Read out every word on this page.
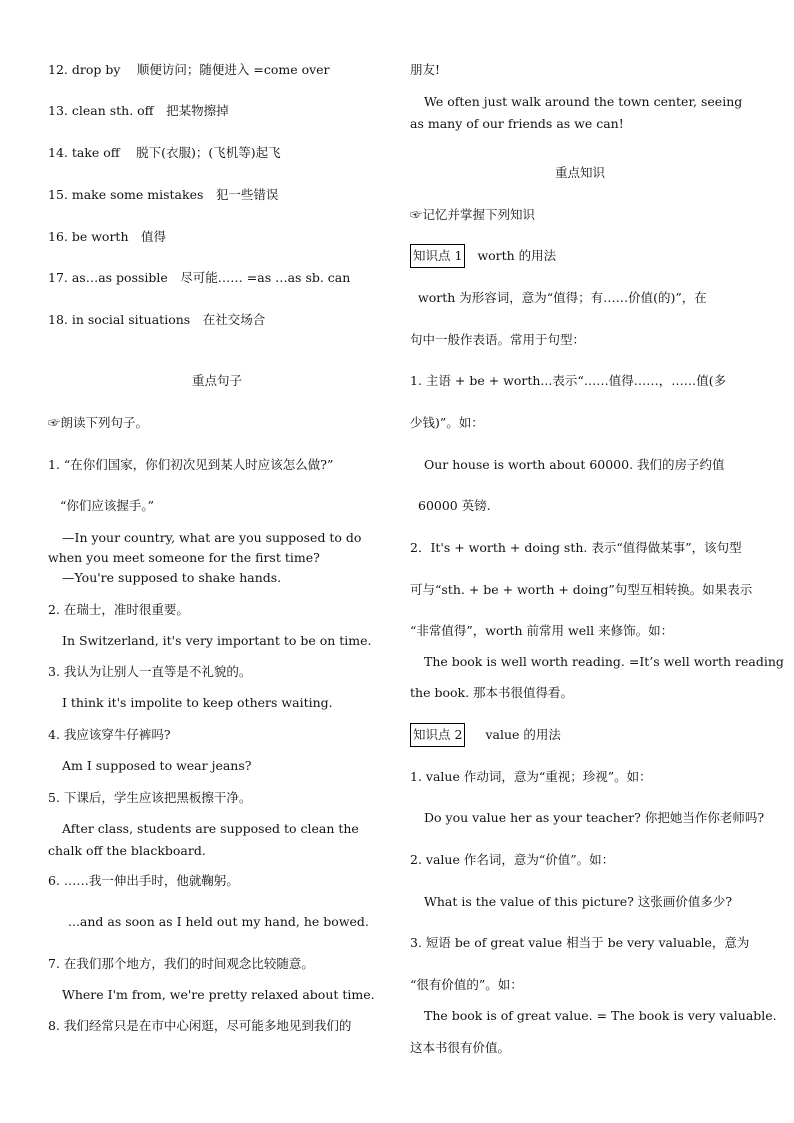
12. drop by　 顺便访问；随便进入 =come over
13. clean sth. off　把某物擦掉
14. take off　 脱下(衣服)；(飞机等)起飞
15. make some mistakes　犯一些错误
16. be worth　值得
17. as…as possible　尽可能…… =as …as sb. can
18. in social situations　在社交场合
重点句子
☞朗读下列句子。
1. “在你们国家，你们初次见到某人时应该怎么做?”
“你们应该握手。”
—In your country, what are you supposed to do when you meet someone for the first time?
—You're supposed to shake hands.
2. 在瑞士，准时很重要。
In Switzerland, it's very important to be on time.
3. 我认为让别人一直等是不礼貌的。
I think it's impolite to keep others waiting.
4. 我应该穿牛仔裤吗?
Am I supposed to wear jeans?
5. 下课后，学生应该把黑板擦干净。
After class, students are supposed to clean the chalk off the blackboard.
6. ……我一伸出手时，他就鞠躬。
...and as soon as I held out my hand, he bowed.
7. 在我们那个地方，我们的时间观念比较随意。
Where I'm from, we're pretty relaxed about time.
8. 我们经常只是在市中心闲逛，尽可能多地见到我们的
朋友!
We often just walk around the town center, seeing as many of our friends as we can!
重点知识
☞记忆并掌握下列知识
知识点 1 worth 的用法
worth 为形容词，意为“值得；有……价值(的)”，在
句中一般作表语。常用于句型：
1. 主语 + be + worth...表示“……值得……，……值(多
少钱)”。如：
Our house is worth about 60000. 我们的房子约值
60000 英镑.
2．It's + worth + doing sth. 表示“值得做某事”，该句型
可与“sth. + be + worth + doing”句型互相转换。如果表示
“非常值得”，worth 前常用 well 来修饰。如：
The book is well worth reading. =It’s well worth reading
the book. 那本书很值得看。
知识点 2 value 的用法
1. value 作动词，意为“重视；珍视”。如：
Do you value her as your teacher? 你把她当作你老师吗?
2. value 作名词，意为“价值”。如：
What is the value of this picture? 这张画价值多少?
3. 短语 be of great value 相当于 be very valuable，意为
“很有价值的”。如：
The book is of great value. = The book is very valuable.
这本书很有价值。
